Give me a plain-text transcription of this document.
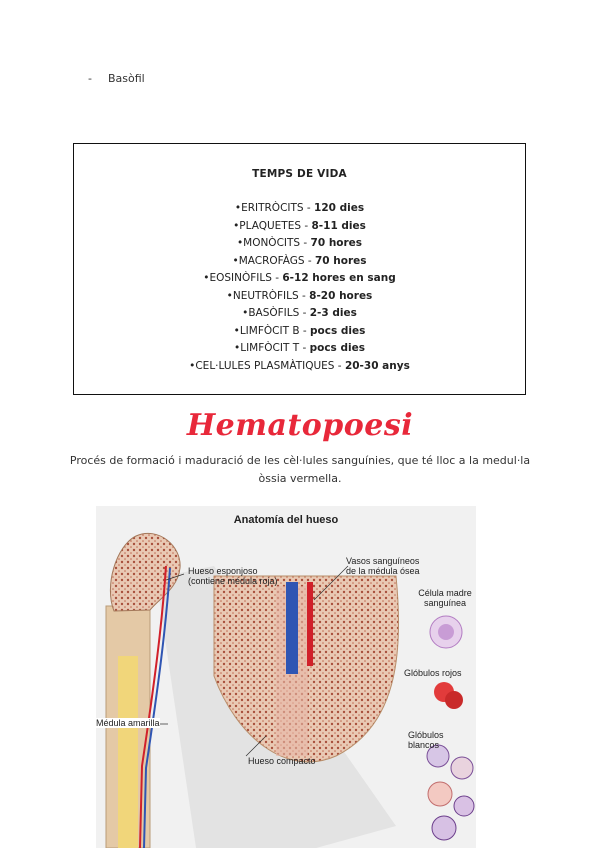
- Basòfil
TEMPS DE VIDA
•ERITRÒCITS - 120 dies
•PLAQUETES - 8-11 dies
•MONÒCITS - 70 hores
•MACROFÀGS - 70 hores
•EOSINÒFILS - 6-12 hores en sang
•NEUTRÒFILS - 8-20 hores
•BASÒFILS - 2-3 dies
•LIMFÒCIT B - pocs dies
•LIMFÒCIT T - pocs dies
•CEL·LULES PLASMÀTIQUES - 20-30 anys
Hematopoesi
Procés de formació i maduració de les cèl·lules sanguínies, que té lloc a la medul·la
òssia vermella.
Anatomía del hueso
Hueso esponjoso
(contiene médula roja)
Vasos sanguíneos
de la médula ósea
Célula madre
sanguínea
Glóbulos rojos
Glóbulos blancos
Médula amarilla
Hueso compacto
